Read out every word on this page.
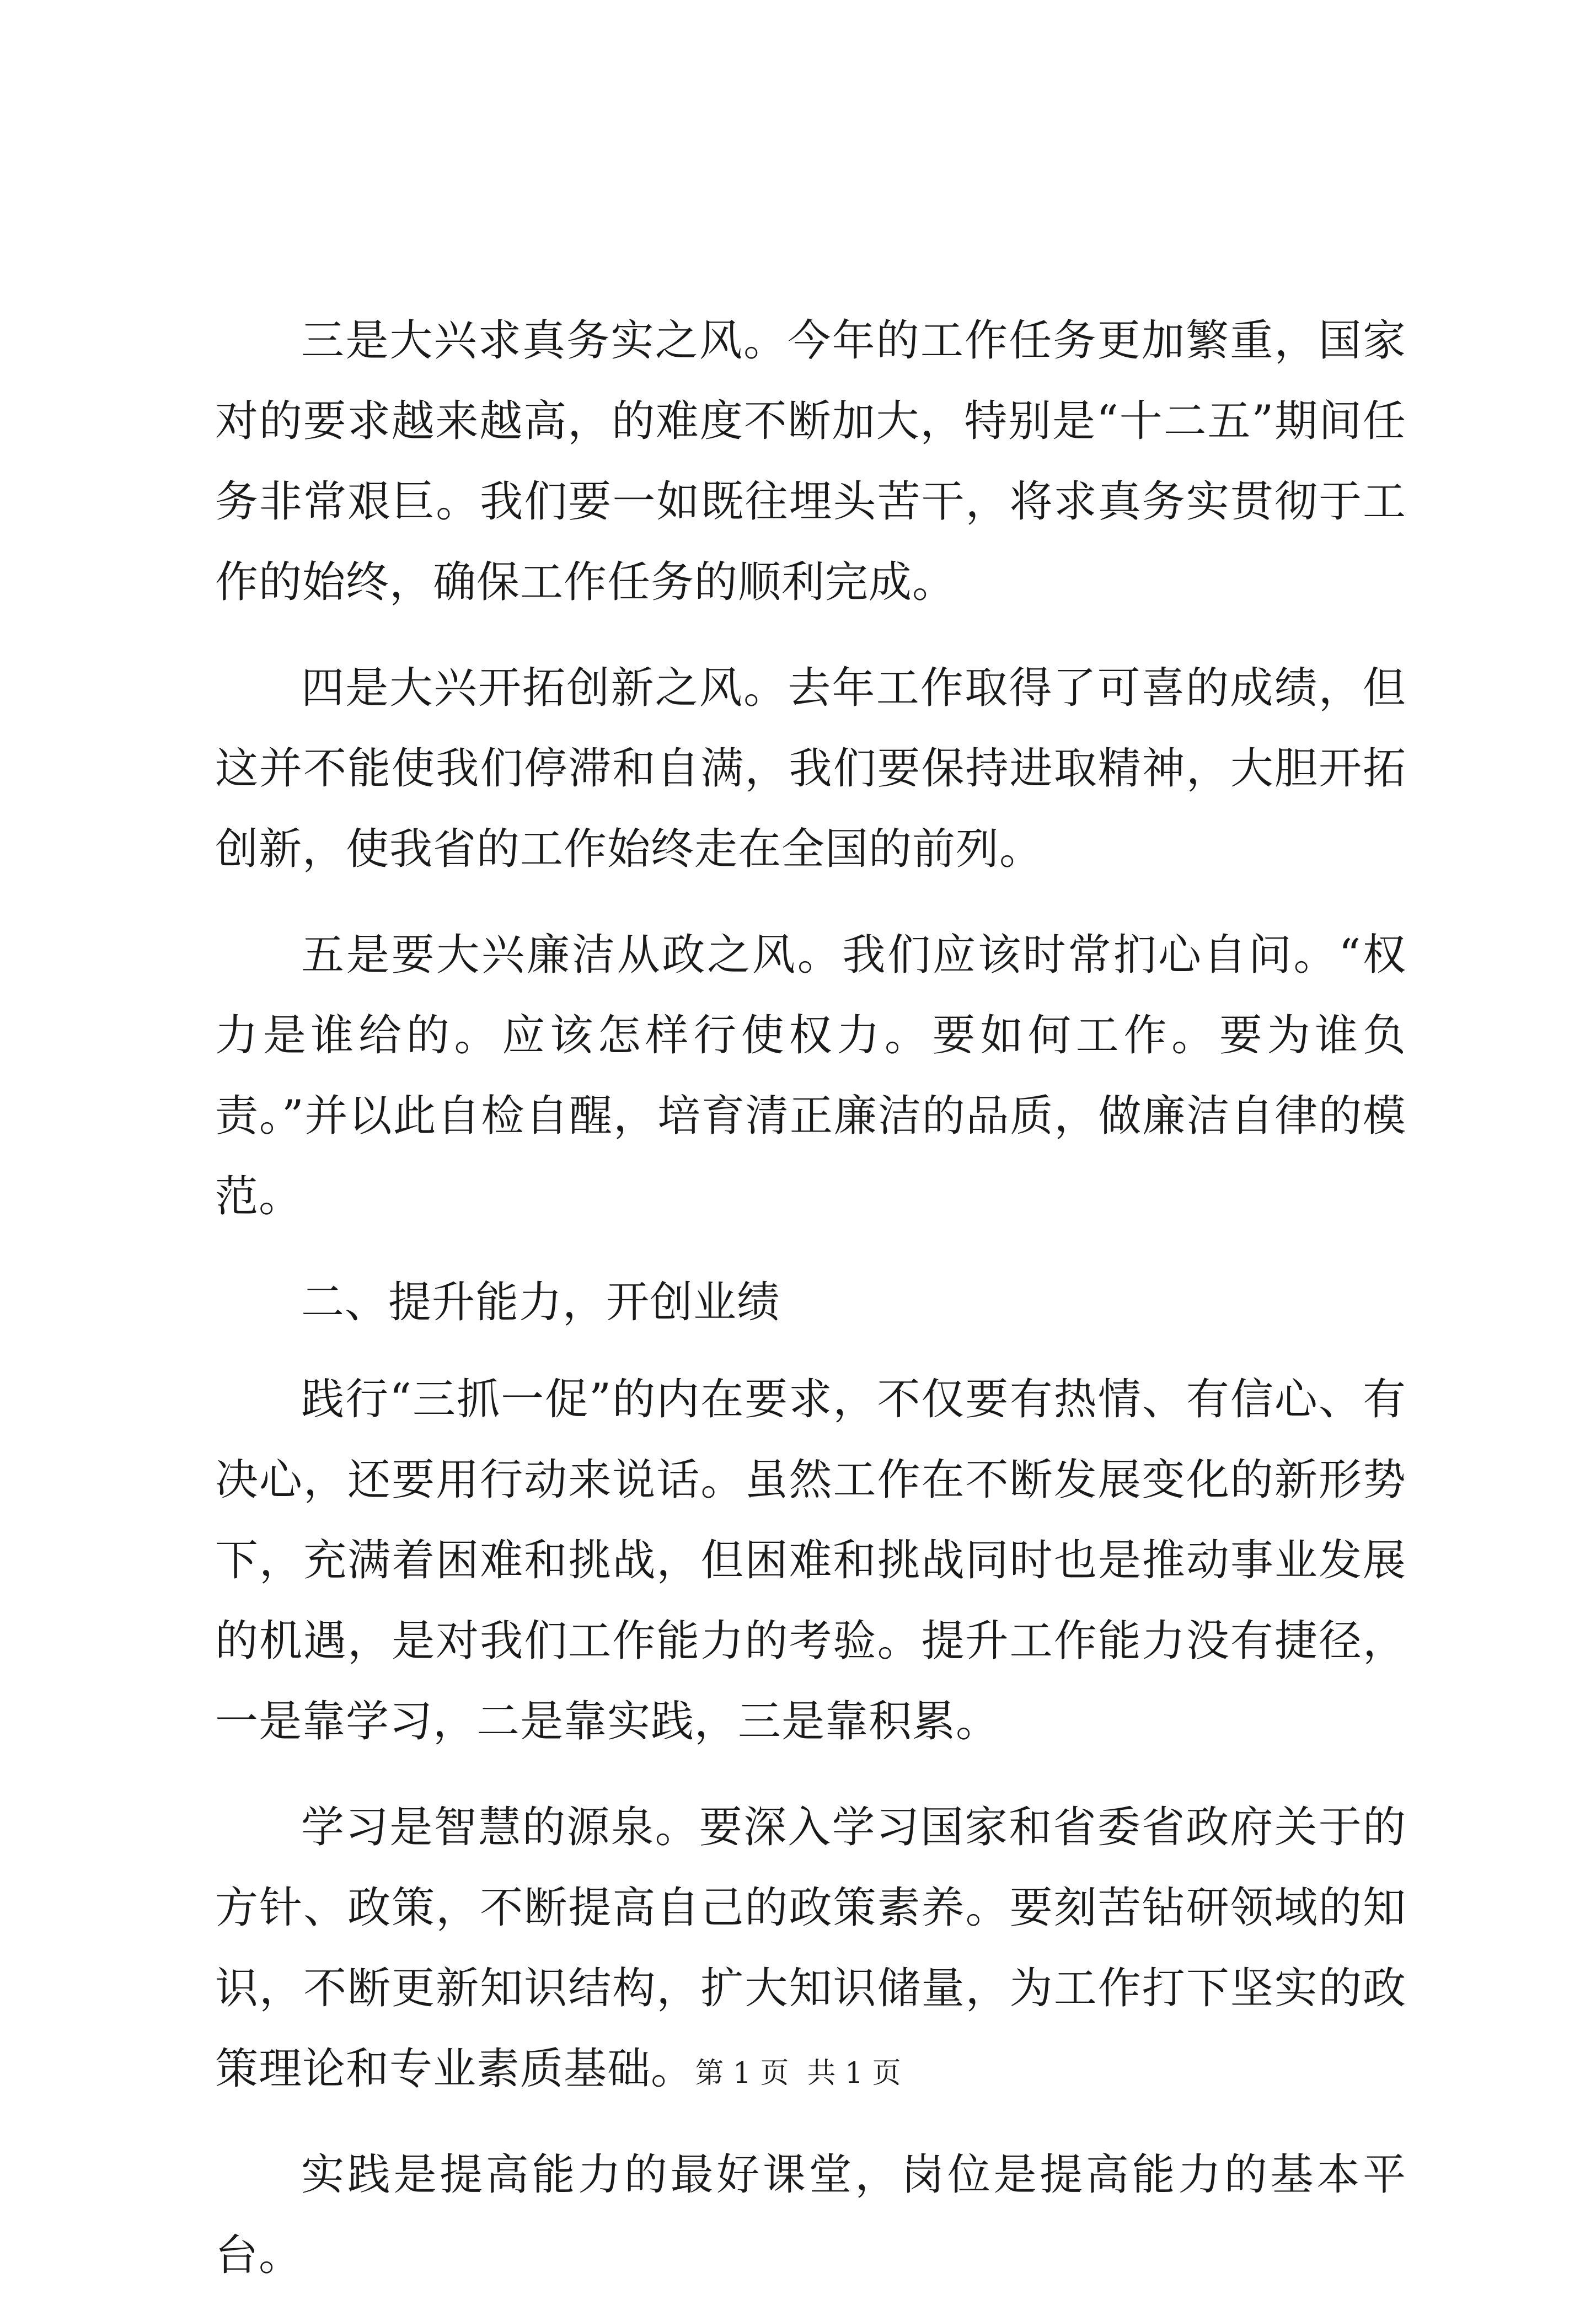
三是大兴求真务实之风。今年的工作任务更加繁重，国家对的要求越来越高，的难度不断加大，特别是“十二五”期间任务非常艰巨。我们要一如既往埋头苦干，将求真务实贯彻于工作的始终，确保工作任务的顺利完成。

四是大兴开拓创新之风。去年工作取得了可喜的成绩，但这并不能使我们停滞和自满，我们要保持进取精神，大胆开拓创新，使我省的工作始终走在全国的前列。

五是要大兴廉洁从政之风。我们应该时常扪心自问。“权力是谁给的。应该怎样行使权力。要如何工作。要为谁负责。”并以此自检自醒，培育清正廉洁的品质，做廉洁自律的模范。

二、提升能力，开创业绩

践行“三抓一促”的内在要求，不仅要有热情、有信心、有决心，还要用行动来说话。虽然工作在不断发展变化的新形势下，充满着困难和挑战，但困难和挑战同时也是推动事业发展的机遇，是对我们工作能力的考验。提升工作能力没有捷径，一是靠学习，二是靠实践，三是靠积累。

学习是智慧的源泉。要深入学习国家和省委省政府关于的方针、政策，不断提高自己的政策素养。要刻苦钻研领域的知识，不断更新知识结构，扩大知识储量，为工作打下坚实的政策理论和专业素质基础。

实践是提高能力的最好课堂，岗位是提高能力的基本平台。

第 1 页  共 1 页
